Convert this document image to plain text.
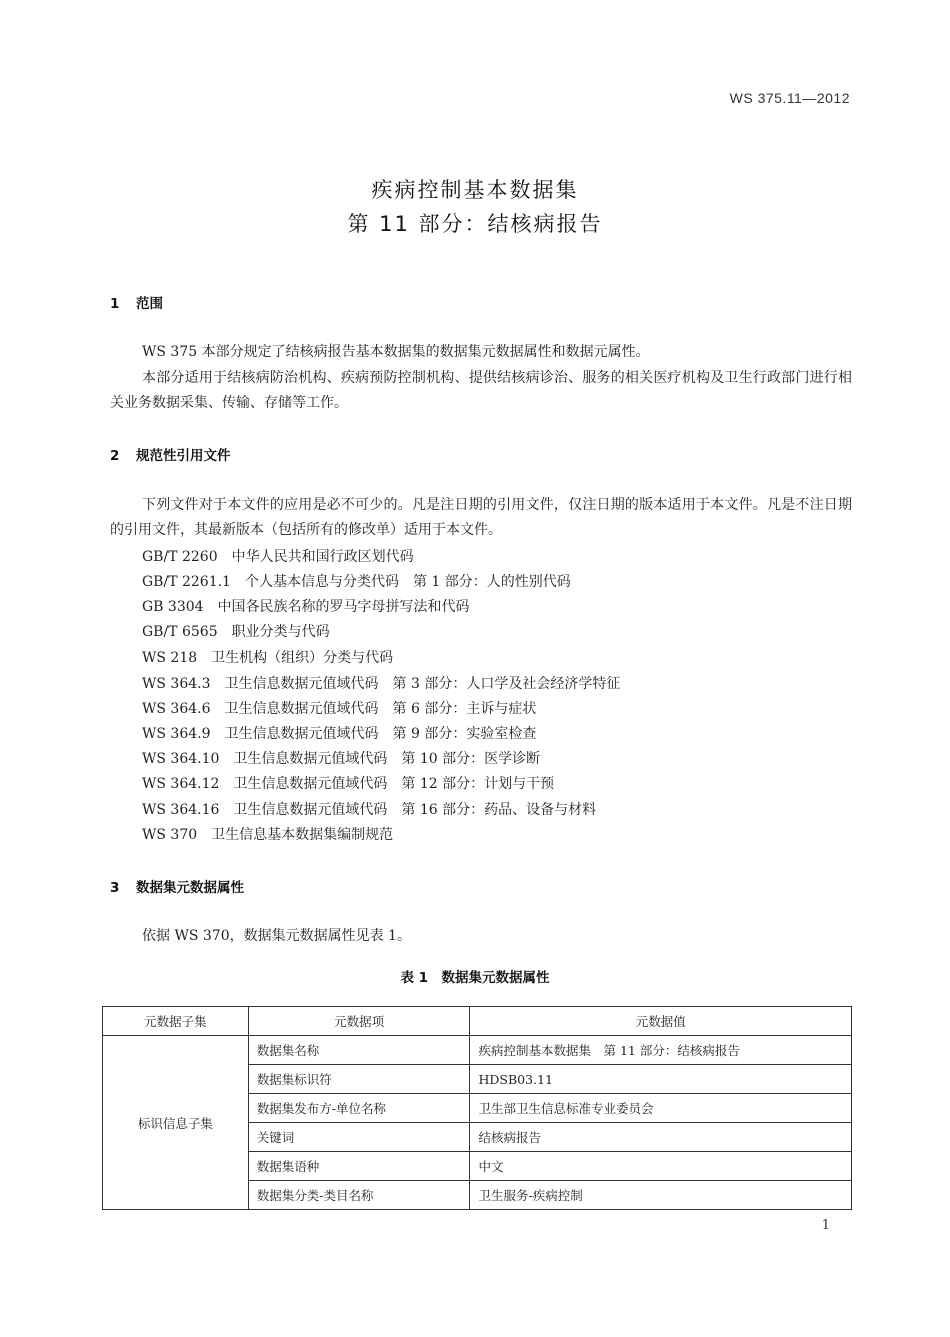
WS 375.11—2012
疾病控制基本数据集
第 11 部分：结核病报告
1 范围
WS 375 本部分规定了结核病报告基本数据集的数据集元数据属性和数据元属性。
本部分适用于结核病防治机构、疾病预防控制机构、提供结核病诊治、服务的相关医疗机构及卫生行政部门进行相关业务数据采集、传输、存储等工作。
2 规范性引用文件
下列文件对于本文件的应用是必不可少的。凡是注日期的引用文件，仅注日期的版本适用于本文件。凡是不注日期的引用文件，其最新版本（包括所有的修改单）适用于本文件。
GB/T 2260　 中华人民共和国行政区划代码
GB/T 2261.1　 个人基本信息与分类代码　第 1 部分：人的性别代码
GB 3304　 中国各民族名称的罗马字母拼写法和代码
GB/T 6565　 职业分类与代码
WS 218　 卫生机构（组织）分类与代码
WS 364.3　 卫生信息数据元值域代码　第 3 部分：人口学及社会经济学特征
WS 364.6　 卫生信息数据元值域代码　第 6 部分：主诉与症状
WS 364.9　 卫生信息数据元值域代码　第 9 部分：实验室检查
WS 364.10　 卫生信息数据元值域代码　第 10 部分：医学诊断
WS 364.12　 卫生信息数据元值域代码　第 12 部分：计划与干预
WS 364.16　 卫生信息数据元值域代码　第 16 部分：药品、设备与材料
WS 370　 卫生信息基本数据集编制规范
3 数据集元数据属性
依据 WS 370，数据集元数据属性见表 1。
表 1　数据集元数据属性
元数据子集	元数据项	元数据值
标识信息子集	数据集名称	疾病控制基本数据集　第 11 部分：结核病报告
	数据集标识符	HDSB03.11
	数据集发布方-单位名称	卫生部卫生信息标准专业委员会
	关键词	结核病报告
	数据集语种	中文
	数据集分类-类目名称	卫生服务-疾病控制
1
